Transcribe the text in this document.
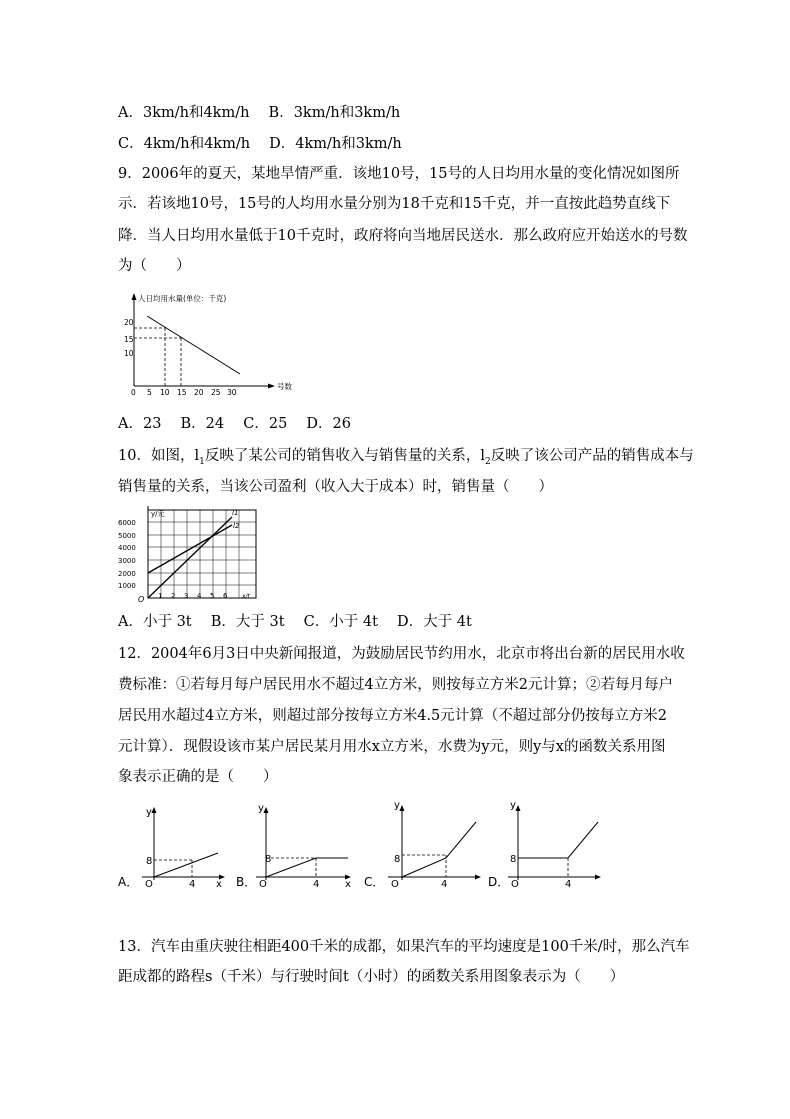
A．3km/h和4km/h　 B．3km/h和3km/h
C．4km/h和4km/h　 D．4km/h和3km/h
9．2006年的夏天，某地旱情严重．该地10号，15号的人日均用水量的变化情况如图所
示．若该地10号，15号的人均用水量分别为18千克和15千克，并一直按此趋势直线下
降．当人日均用水量低于10千克时，政府将向当地居民送水．那么政府应开始送水的号数
为（　　）
人日均用水量(单位：千克)
号数
20
15
10
0 5 10 15 20 25 30
A．23　 B．24　 C．25　 D．26
10．如图，$l_1$反映了某公司的销售收入与销售量的关系，$l_2$反映了该公司产品的销售成本与
销售量的关系，当该公司盈利（收入大于成本）时，销售量（　　）
y/元
6000
5000
4000
3000
2000
1000
O 1 2 3 4 5 6 x/t
l1
l2
A．小于 3t　 B．大于 3t　 C．小于 4t　 D．大于 4t
12．2004年6月3日中央新闻报道，为鼓励居民节约用水，北京市将出台新的居民用水收
费标准：①若每月每户居民用水不超过4立方米，则按每立方米2元计算；②若每月每户
居民用水超过4立方米，则超过部分按每立方米4.5元计算（不超过部分仍按每立方米2
元计算）．现假设该市某户居民某月用水x立方米，水费为y元，则y与x的函数关系用图
象表示正确的是（　　）
A．
y
x
O
8
4	B．
y
x
O
8
4	C．
y
O
8
4	D．
y
O
8
4
13．汽车由重庆驶往相距400千米的成都，如果汽车的平均速度是100千米/时，那么汽车
距成都的路程s（千米）与行驶时间t（小时）的函数关系用图象表示为（　　）
